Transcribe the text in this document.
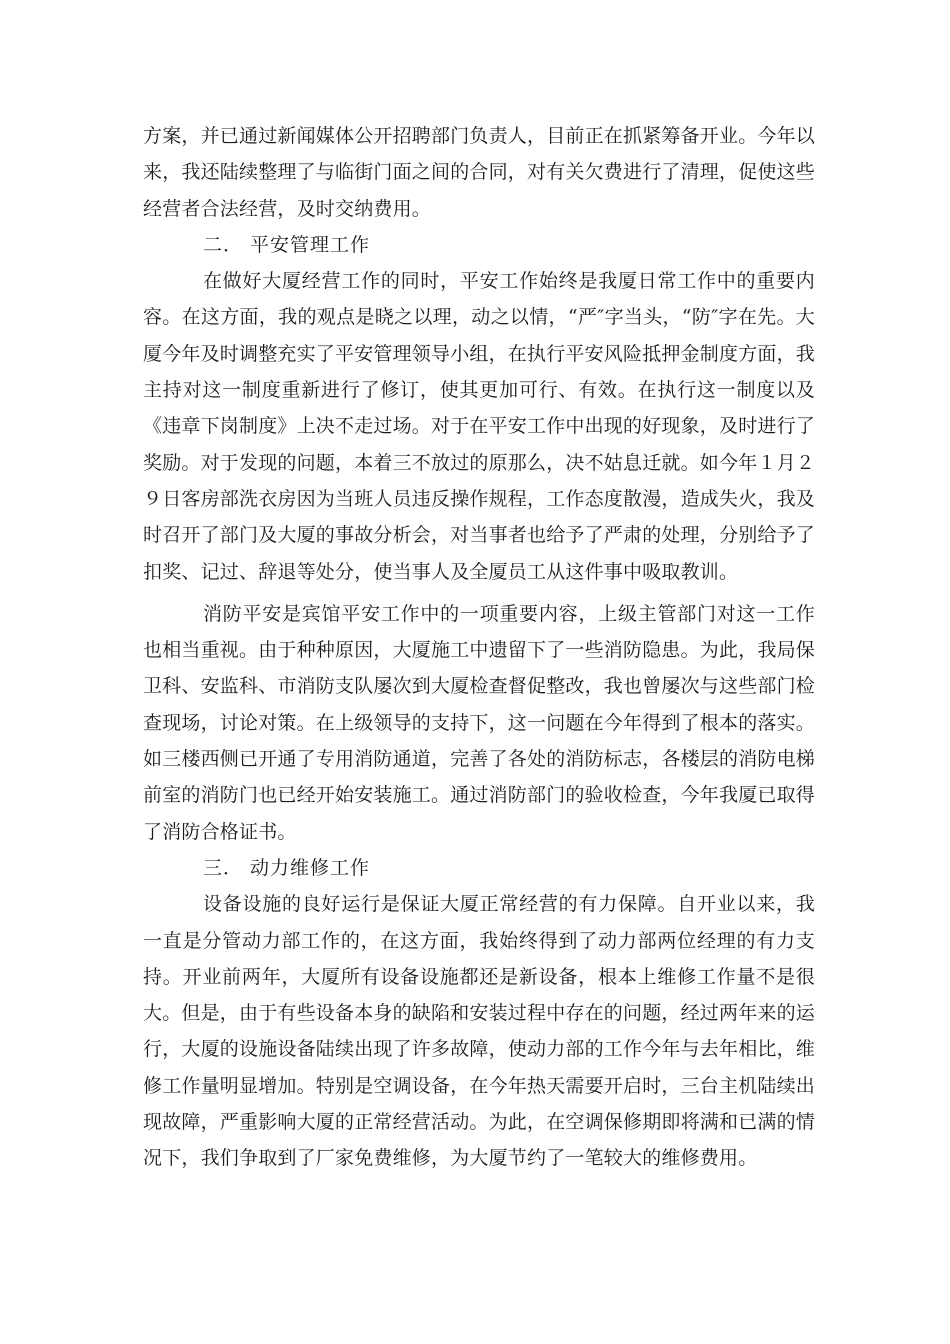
方案，并已通过新闻媒体公开招聘部门负责人，目前正在抓紧筹备开业。今年以来，我还陆续整理了与临街门面之间的合同，对有关欠费进行了清理，促使这些经营者合法经营，及时交纳费用。

二． 平安管理工作

在做好大厦经营工作的同时，平安工作始终是我厦日常工作中的重要内容。在这方面，我的观点是晓之以理，动之以情，“严″字当头，“防″字在先。大厦今年及时调整充实了平安管理领导小组，在执行平安风险抵押金制度方面，我主持对这一制度重新进行了修订，使其更加可行、有效。在执行这一制度以及《违章下岗制度》上决不走过场。对于在平安工作中出现的好现象，及时进行了奖励。对于发现的问题，本着三不放过的原那么，决不姑息迁就。如今年１月２９日客房部洗衣房因为当班人员违反操作规程，工作态度散漫，造成失火，我及时召开了部门及大厦的事故分析会，对当事者也给予了严肃的处理，分别给予了扣奖、记过、辞退等处分，使当事人及全厦员工从这件事中吸取教训。

消防平安是宾馆平安工作中的一项重要内容，上级主管部门对这一工作也相当重视。由于种种原因，大厦施工中遗留下了一些消防隐患。为此，我局保卫科、安监科、市消防支队屡次到大厦检查督促整改，我也曾屡次与这些部门检查现场，讨论对策。在上级领导的支持下，这一问题在今年得到了根本的落实。如三楼西侧已开通了专用消防通道，完善了各处的消防标志，各楼层的消防电梯前室的消防门也已经开始安装施工。通过消防部门的验收检查，今年我厦已取得了消防合格证书。

三． 动力维修工作

设备设施的良好运行是保证大厦正常经营的有力保障。自开业以来，我一直是分管动力部工作的，在这方面，我始终得到了动力部两位经理的有力支持。开业前两年，大厦所有设备设施都还是新设备，根本上维修工作量不是很大。但是，由于有些设备本身的缺陷和安装过程中存在的问题，经过两年来的运行，大厦的设施设备陆续出现了许多故障，使动力部的工作今年与去年相比，维修工作量明显增加。特别是空调设备，在今年热天需要开启时，三台主机陆续出现故障，严重影响大厦的正常经营活动。为此，在空调保修期即将满和已满的情况下，我们争取到了厂家免费维修，为大厦节约了一笔较大的维修费用。
